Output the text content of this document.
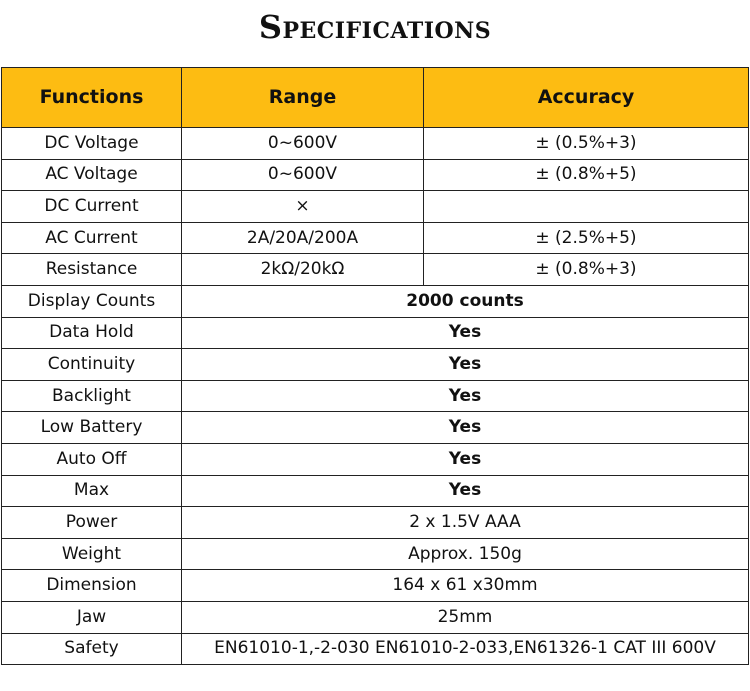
Specifications
Functions	Range	Accuracy
DC Voltage	0~600V	± (0.5%+3)
AC Voltage	0~600V	± (0.8%+5)
DC Current	×	
AC Current	2A/20A/200A	± (2.5%+5)
Resistance	2kΩ/20kΩ	± (0.8%+3)
Display Counts	2000 counts	
Data Hold	Yes	
Continuity	Yes	
Backlight	Yes	
Low Battery	Yes	
Auto Off	Yes	
Max	Yes	
Power	2 x 1.5V AAA	
Weight	Approx. 150g	
Dimension	164 x 61 x30mm	
Jaw	25mm	
Safety	EN61010-1,-2-030 EN61010-2-033,EN61326-1 CAT III 600V	
